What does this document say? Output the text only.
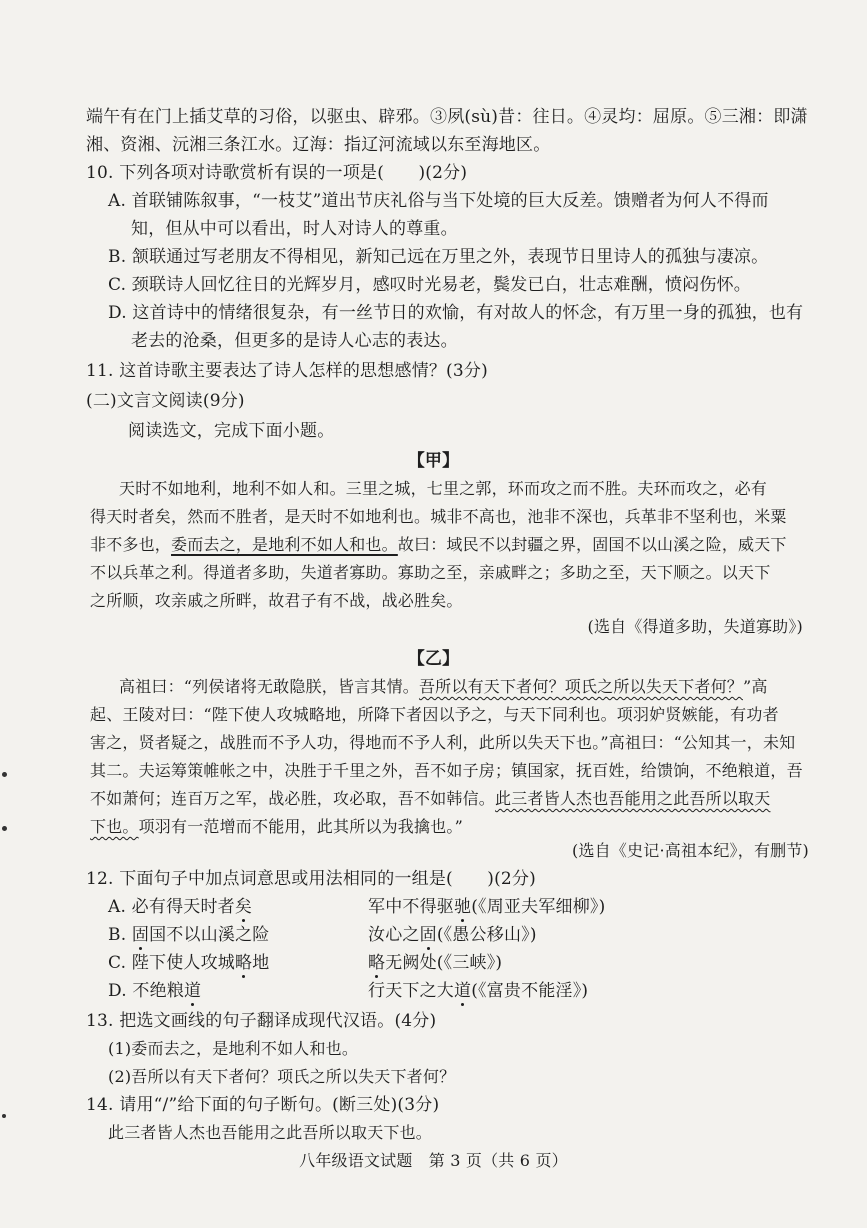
端午有在门上插艾草的习俗，以驱虫、辟邪。③夙(sù)昔：往日。④灵均：屈原。⑤三湘：即潇
湘、资湘、沅湘三条江水。辽海：指辽河流域以东至海地区。
10. 下列各项对诗歌赏析有误的一项是(　　)(2分)
A. 首联铺陈叙事，“一枝艾”道出节庆礼俗与当下处境的巨大反差。馈赠者为何人不得而
知，但从中可以看出，时人对诗人的尊重。
B. 颔联通过写老朋友不得相见，新知己远在万里之外，表现节日里诗人的孤独与凄凉。
C. 颈联诗人回忆往日的光辉岁月，感叹时光易老，鬓发已白，壮志难酬，愤闷伤怀。
D. 这首诗中的情绪很复杂，有一丝节日的欢愉，有对故人的怀念，有万里一身的孤独，也有
老去的沧桑，但更多的是诗人心志的表达。
11. 这首诗歌主要表达了诗人怎样的思想感情？(3分)
(二)文言文阅读(9分)
阅读选文，完成下面小题。
【甲】
天时不如地利，地利不如人和。三里之城，七里之郭，环而攻之而不胜。夫环而攻之，必有
得天时者矣，然而不胜者，是天时不如地利也。城非不高也，池非不深也，兵革非不坚利也，米粟
非不多也，委而去之，是地利不如人和也。故曰：域民不以封疆之界，固国不以山溪之险，威天下
不以兵革之利。得道者多助，失道者寡助。寡助之至，亲戚畔之；多助之至，天下顺之。以天下
之所顺，攻亲戚之所畔，故君子有不战，战必胜矣。
(选自《得道多助，失道寡助》)
【乙】
高祖曰：“列侯诸将无敢隐朕，皆言其情。吾所以有天下者何？项氏之所以失天下者何？”高
起、王陵对曰：“陛下使人攻城略地，所降下者因以予之，与天下同利也。项羽妒贤嫉能，有功者
害之，贤者疑之，战胜而不予人功，得地而不予人利，此所以失天下也。”高祖曰：“公知其一，未知
其二。夫运筹策帷帐之中，决胜于千里之外，吾不如子房；镇国家，抚百姓，给馈饷，不绝粮道，吾
不如萧何；连百万之军，战必胜，攻必取，吾不如韩信。此三者皆人杰也吾能用之此吾所以取天
下也。项羽有一范增而不能用，此其所以为我擒也。”
(选自《史记·高祖本纪》，有删节)
12. 下面句子中加点词意思或用法相同的一组是(　　)(2分)
A. 必有得天时者矣	军中不得驱驰(《周亚夫军细柳》)
B. 固国不以山溪之险	汝心之固(《愚公移山》)
C. 陛下使人攻城略地	略无阙处(《三峡》)
D. 不绝粮道	行天下之大道(《富贵不能淫》)
13. 把选文画线的句子翻译成现代汉语。(4分)
(1)委而去之，是地利不如人和也。
(2)吾所以有天下者何？项氏之所以失天下者何？
14. 请用“/”给下面的句子断句。(断三处)(3分)
此三者皆人杰也吾能用之此吾所以取天下也。
八年级语文试题　第 3 页（共 6 页）
